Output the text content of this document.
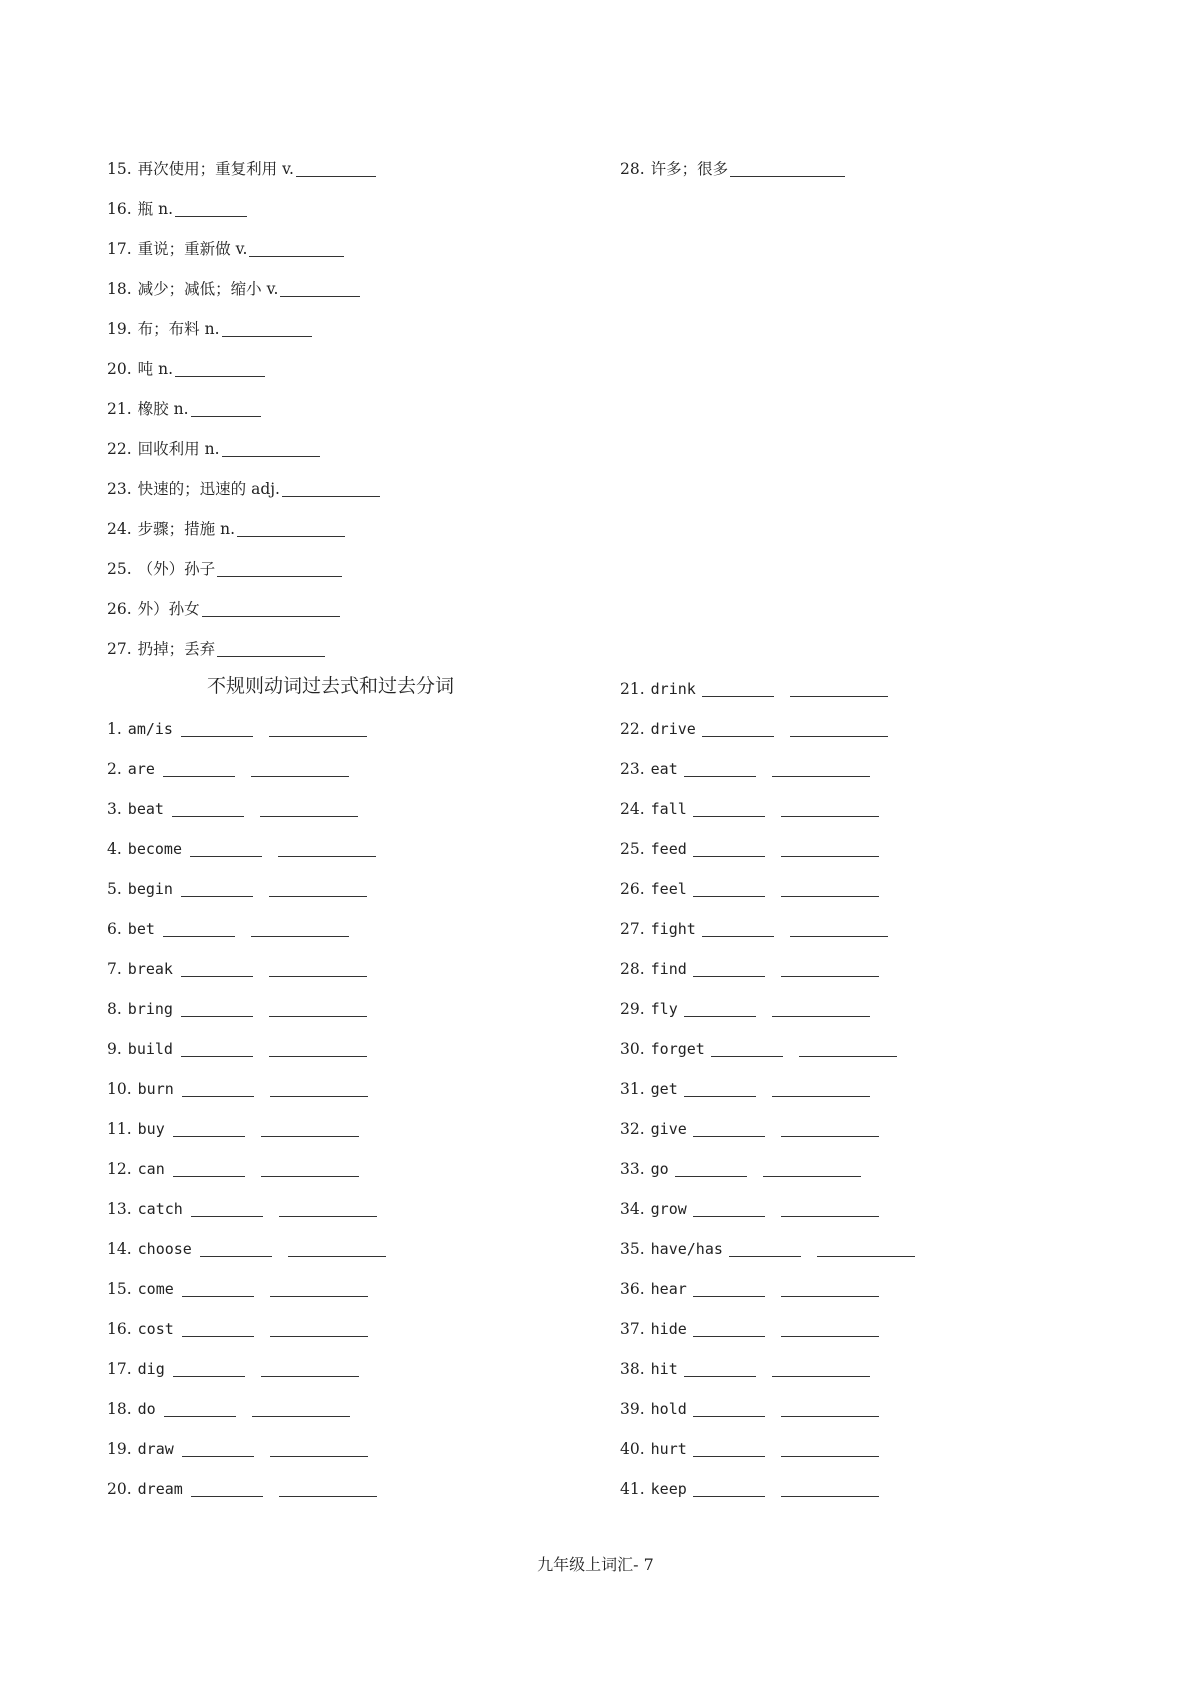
15. 再次使用；重复利用 v.
16. 瓶 n.
17. 重说；重新做 v.
18. 减少；减低；缩小 v.
19. 布；布料 n.
20. 吨 n.
21. 橡胶 n.
22. 回收利用 n.
23. 快速的；迅速的 adj.
24. 步骤；措施 n.
25. （外）孙子
26. 外）孙女
27. 扔掉；丢弃
不规则动词过去式和过去分词
1. am/is
2. are
3. beat
4. become
5. begin
6. bet
7. break
8. bring
9. build
10. burn
11. buy
12. can
13. catch
14. choose
15. come
16. cost
17. dig
18. do
19. draw
20. dream
28. 许多；很多
21. drink
22. drive
23. eat
24. fall
25. feed
26. feel
27. fight
28. find
29. fly
30. forget
31. get
32. give
33. go
34. grow
35. have/has
36. hear
37. hide
38. hit
39. hold
40. hurt
41. keep
九年级上词汇- 7
